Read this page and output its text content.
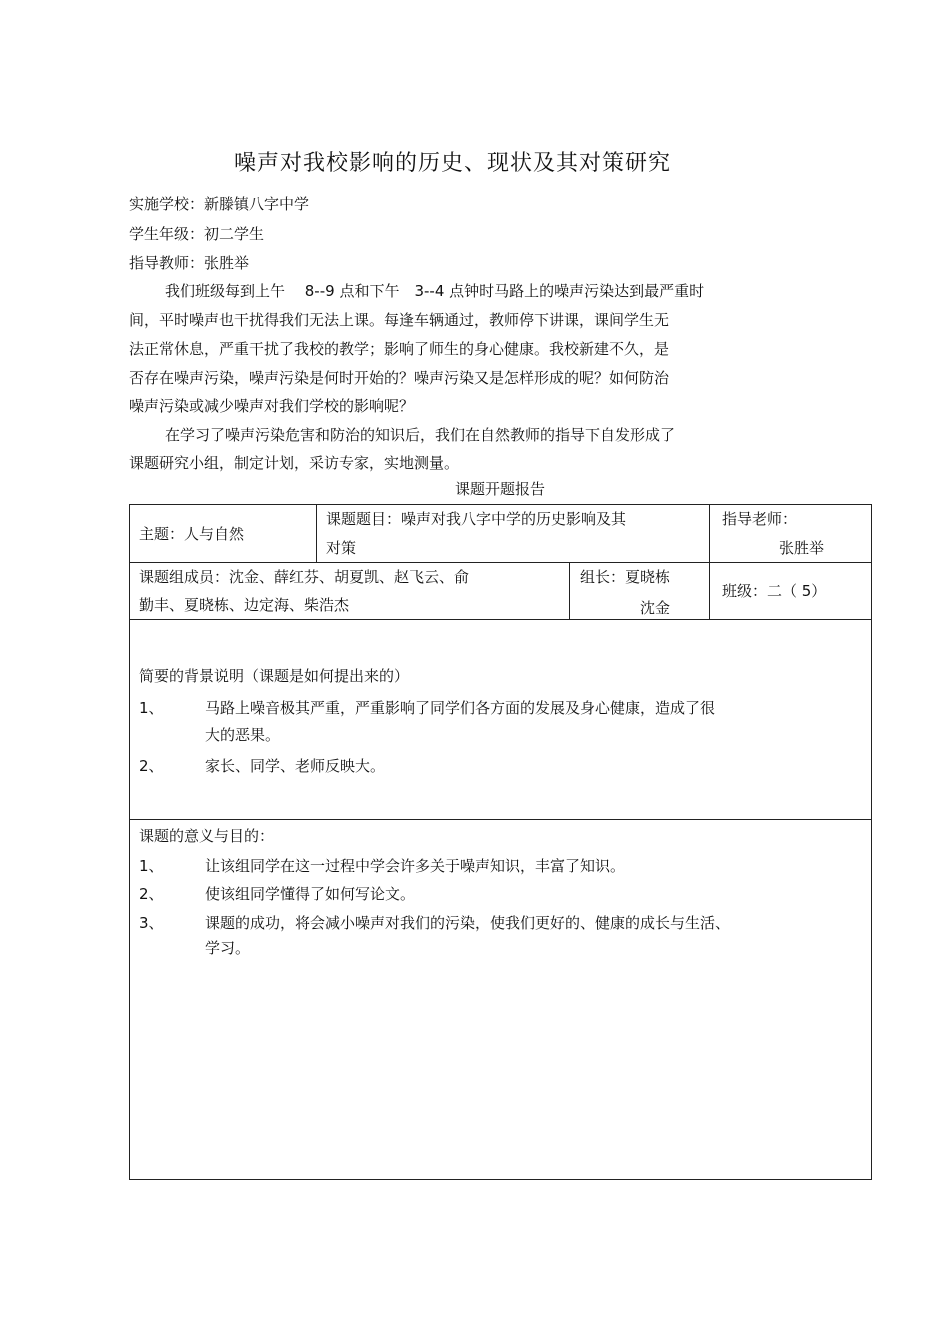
噪声对我校影响的历史、现状及其对策研究
实施学校：新滕镇八字中学
学生年级：初二学生
指导教师：张胜举
我们班级每到上午　 8--9 点和下午　3--4 点钟时马路上的噪声污染达到最严重时
间，平时噪声也干扰得我们无法上课。每逢车辆通过，教师停下讲课，课间学生无
法正常休息，严重干扰了我校的教学；影响了师生的身心健康。我校新建不久，是
否存在噪声污染，噪声污染是何时开始的？噪声污染又是怎样形成的呢？如何防治
噪声污染或减少噪声对我们学校的影响呢？
在学习了噪声污染危害和防治的知识后，我们在自然教师的指导下自发形成了
课题研究小组，制定计划，采访专家，实地测量。
课题开题报告
主题：人与自然
课题题目：噪声对我八字中学的历史影响及其
对策
指导老师：
张胜举
课题组成员：沈金、薛红芬、胡夏凯、赵飞云、俞
勤丰、夏晓栋、边定海、柴浩杰
组长：夏晓栋
沈金
班级：二（ 5）
简要的背景说明（课题是如何提出来的）
1、	马路上噪音极其严重，严重影响了同学们各方面的发展及身心健康，造成了很
大的恶果。
2、	家长、同学、老师反映大。
课题的意义与目的：
1、	让该组同学在这一过程中学会许多关于噪声知识，丰富了知识。
2、	使该组同学懂得了如何写论文。
3、	课题的成功，将会减小噪声对我们的污染，使我们更好的、健康的成长与生活、
学习。
